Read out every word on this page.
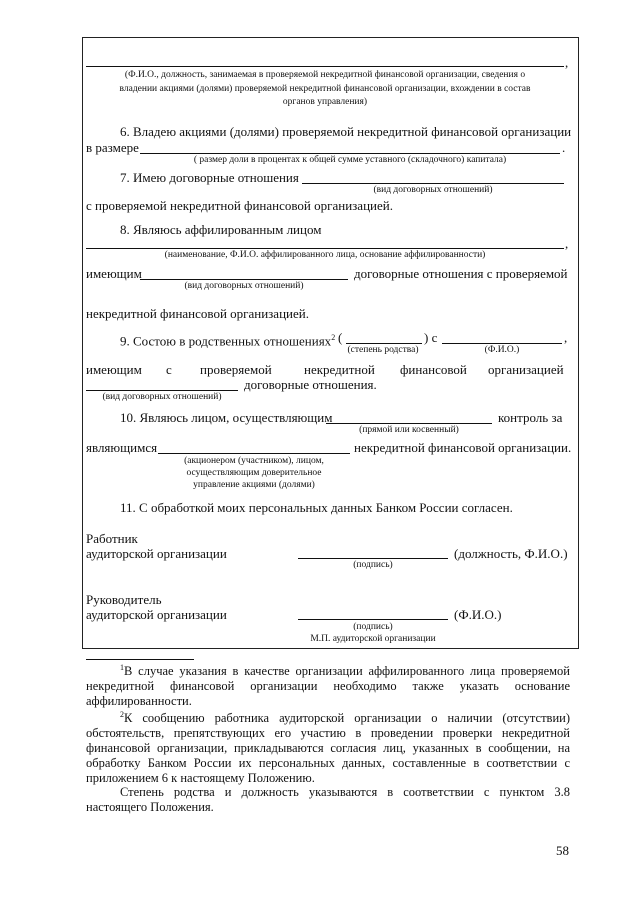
,
(Ф.И.О., должность, занимаемая в проверяемой некредитной финансовой организации, сведения о
владении акциями (долями) проверяемой некредитной финансовой организации, вхождении в состав
органов управления)
6. Владею акциями (долями) проверяемой некредитной финансовой организации
в размере	.
( размер доли в процентах к общей сумме уставного (складочного) капитала)
7. Имею договорные отношения
(вид договорных отношений)
с проверяемой некредитной финансовой организацией.
8. Являюсь аффилированным лицом
,
(наименование, Ф.И.О. аффилированного лица, основание аффилированности)
имеющим	договорные отношения с проверяемой
(вид договорных отношений)
некредитной финансовой организацией.
9. Состою в родственных отношениях$^2$ (	) с	,
(степень родства)	(Ф.И.О.)
имеющим с проверяемой некредитной финансовой организацией
договорные отношения.
(вид договорных отношений)
10. Являюсь лицом, осуществляющим	контроль за
(прямой или косвенный)
являющимся	некредитной финансовой организации.
(акционером (участником), лицом,
осуществляющим доверительное
управление акциями (долями)
11. С обработкой моих персональных данных Банком России согласен.
Работник
аудиторской организации	(должность, Ф.И.О.)
(подпись)
Руководитель
аудиторской организации	(Ф.И.О.)
(подпись)
М.П. аудиторской организации
$^1$В случае указания в качестве организации аффилированного лица проверяемой некредитной финансовой организации необходимо также указать основание аффилированности.
$^2$К сообщению работника аудиторской организации о наличии (отсутствии) обстоятельств, препятствующих его участию в проведении проверки некредитной финансовой организации, прикладываются согласия лиц, указанных в сообщении, на обработку Банком России их персональных данных, составленные в соответствии с приложением 6 к настоящему Положению.
Степень родства и должность указываются в соответствии с пунктом 3.8 настоящего Положения.
58
